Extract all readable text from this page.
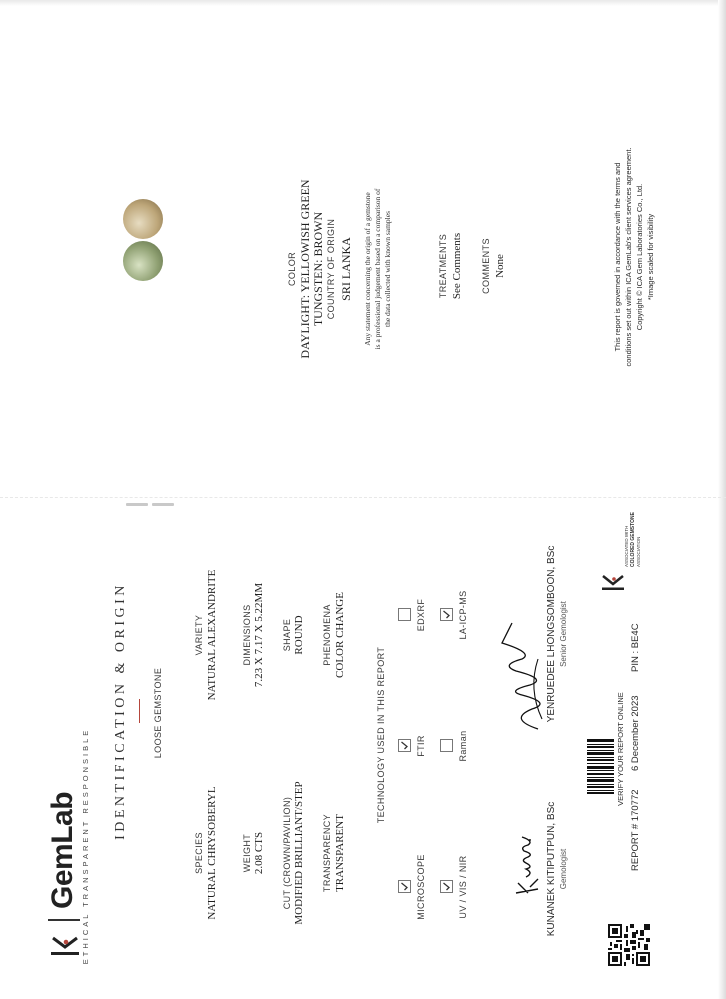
GemLab ETHICAL TRANSPARENT RESPONSIBLE
IDENTIFICATION & ORIGIN	LOOSE GEMSTONE
SPECIES NATURAL CHRYSOBERYL
VARIETY NATURAL ALEXANDRITE
WEIGHT 2.08 CTS
DIMENSIONS 7.23 X 7.17 X 5.22MM
CUT (CROWN/PAVILION) MODIFIED BRILLIANT/STEP
SHAPE ROUND
TRANSPARENCY TRANSPARENT
PHENOMENA COLOR CHANGE
TECHNOLOGY USED IN THIS REPORT
MICROSCOPE
FTIR
EDXRF
UV / VIS / NIR
Raman
LA-ICP-MS
KUNANEK KITIPUTPUN, BSc Gemologist
YENRUEDEE LHONGSOMBOON, BSc Senior Gemologist
VERIFY YOUR REPORT ONLINE
REPORT # 170772
6 December 2023
PIN : BE4C
ASSOCIATED WITH COLORED GEMSTONE ASSOCIATION
COLOR DAYLIGHT: YELLOWISH GREEN TUNGSTEN: BROWN COUNTRY OF ORIGIN SRI LANKA Any statement concerning the origin of a gemstone is a professional judgement based on a comparison of the data collected with known samples	TREATMENTS See Comments COMMENTS None	This report is governed in accordance with the terms and conditions set out within ICA GemLab's client services agreement. Copyright © ICA Gem Laboratories Co., Ltd. *Image scaled for visibility
